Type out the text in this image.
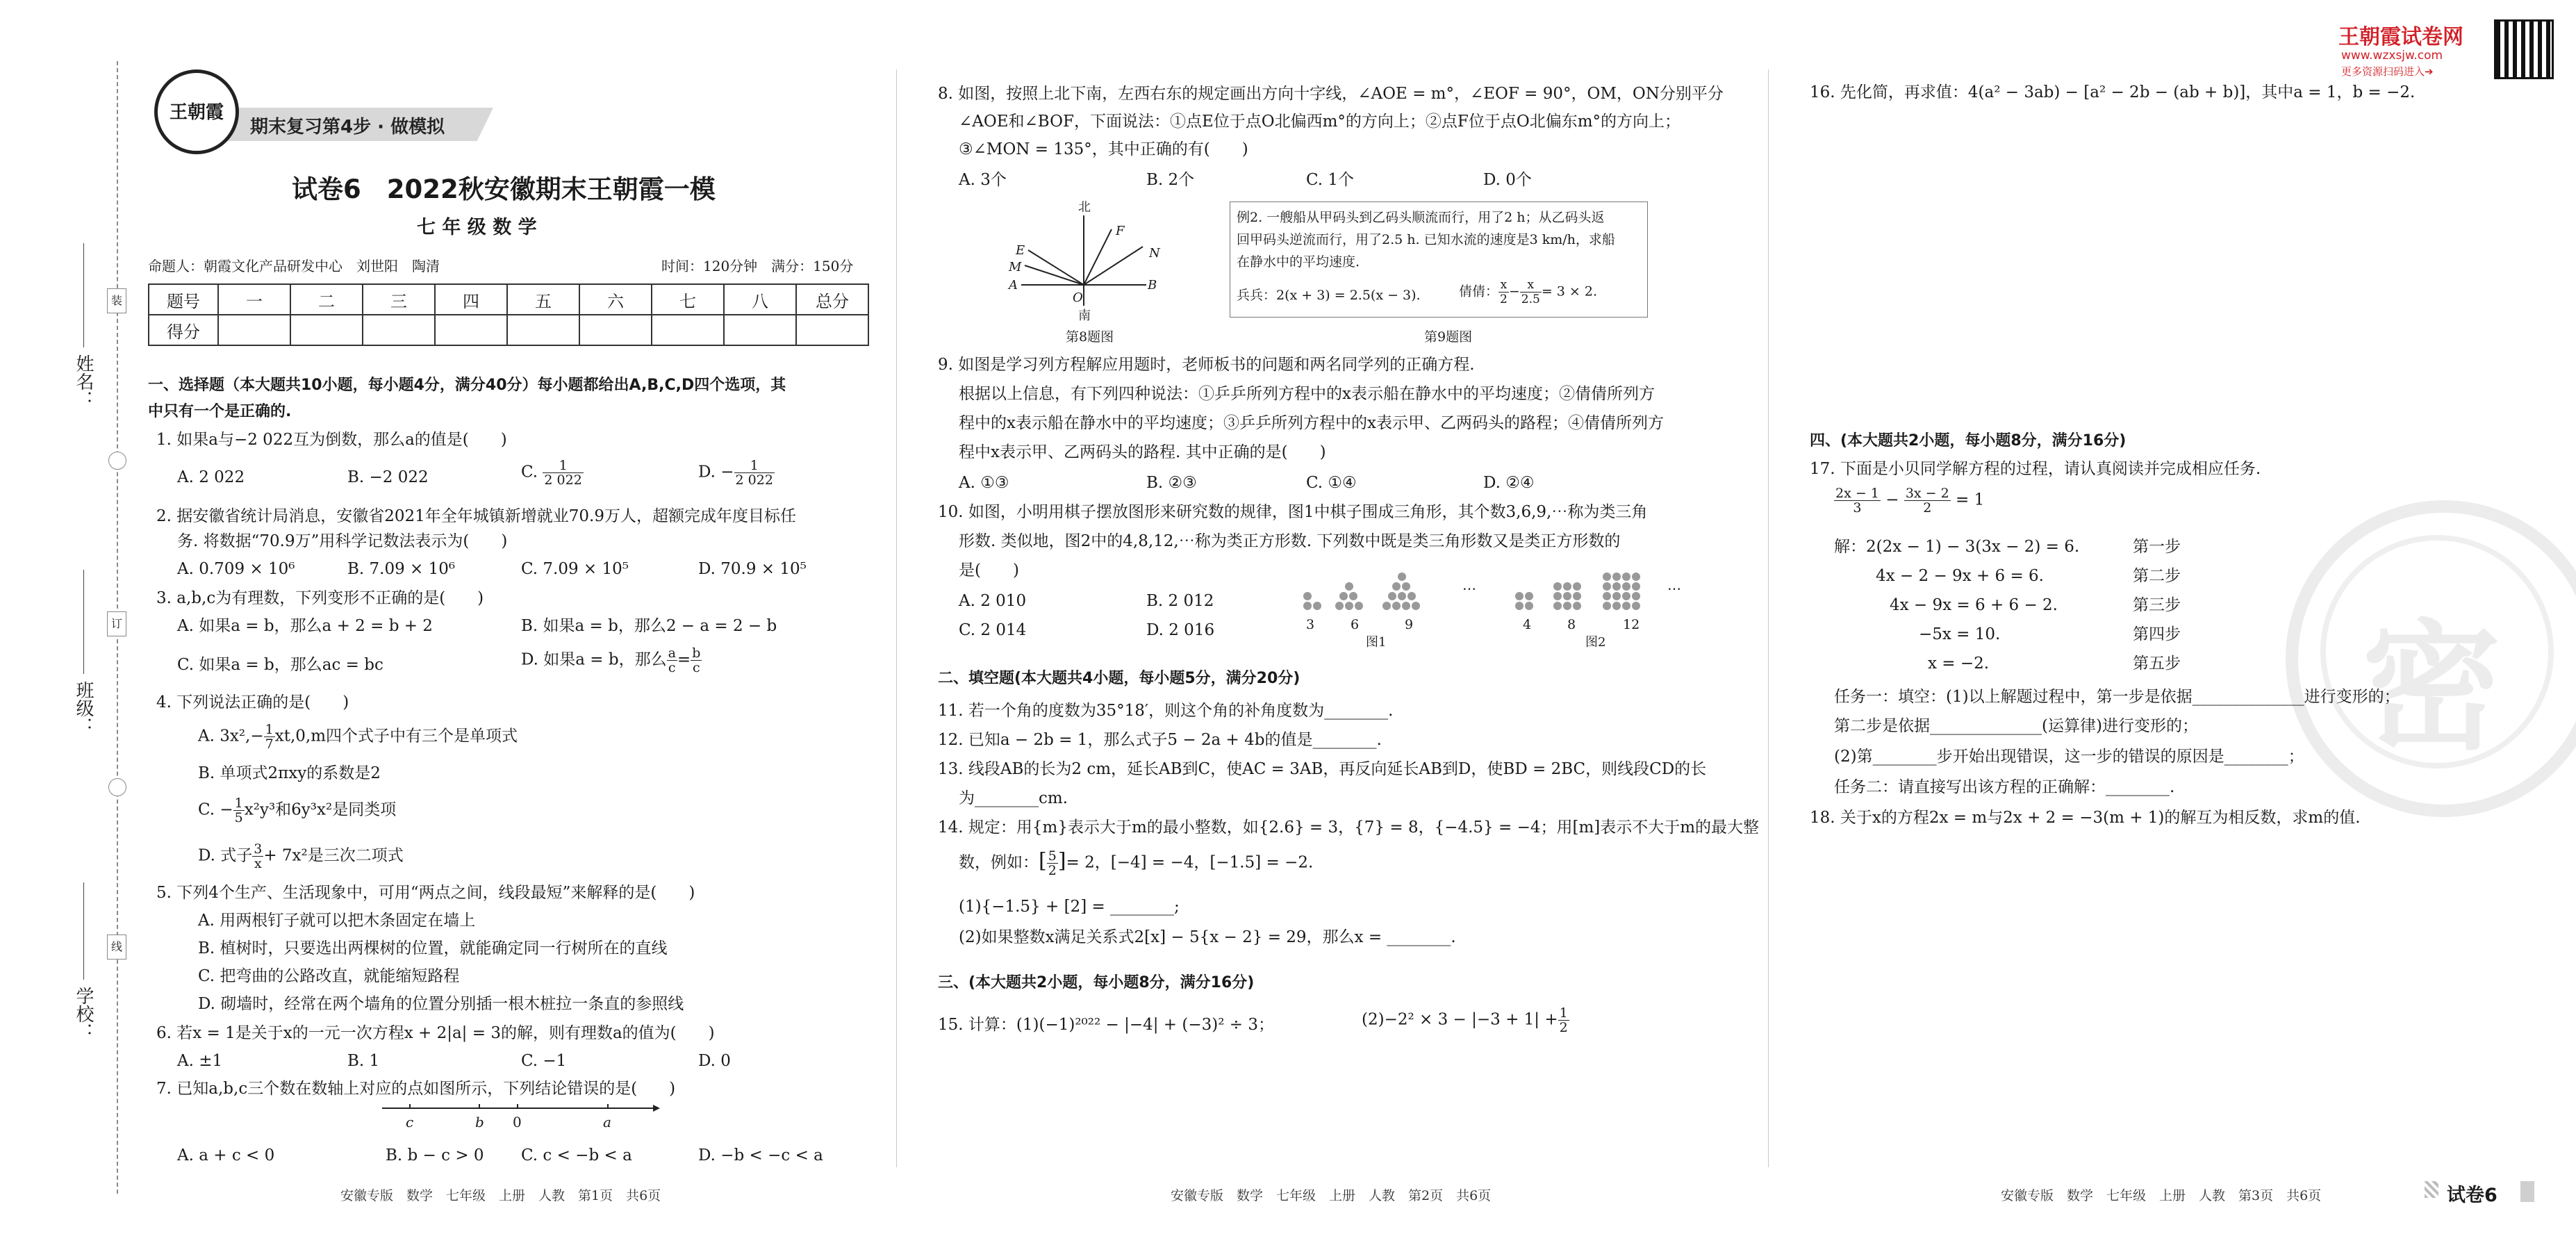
装
订
线
姓名：
班级：
学校：
王朝霞
期末复习第4步 · 做模拟
试卷6　2022秋安徽期末王朝霞一模
七 年 级 数 学
命题人：朝霞文化产品研发中心　刘世阳　陶清	时间：120分钟　满分：150分
题号	一	二	三	四	五	六	七	八	总分
得分									
一、选择题（本大题共10小题，每小题4分，满分40分）每小题都给出A,B,C,D四个选项，其
中只有一个是正确的.
1. 如果a与−2 022互为倒数，那么a的值是(　　)
A. 2 022	B. −2 022	C. $\frac{1}{2 022}$	D. − $\frac{1}{2 022}$
2. 据安徽省统计局消息，安徽省2021年全年城镇新增就业70.9万人，超额完成年度目标任
务. 将数据“70.9万”用科学记数法表示为(　　)
A. 0.709 × 10⁶	B. 7.09 × 10⁶	C. 7.09 × 10⁵	D. 70.9 × 10⁵
3. a,b,c为有理数，下列变形不正确的是(　　)
A. 如果a = b，那么a + 2 = b + 2	B. 如果a = b，那么2 − a = 2 − b
C. 如果a = b，那么ac = bc	D. 如果a = b，那么 $\frac{a}{c} = \frac{b}{c}$
4. 下列说法正确的是(　　)
A. $3x^2,- \frac{1}{7} xt,0,m$四个式子中有三个是单项式
B. 单项式2πxy的系数是2
C. − $\frac{1}{5} x^2y^3$和6y³x²是同类项
D. 式子 $\frac{3}{x} + 7x^2$是三次二项式
5. 下列4个生产、生活现象中，可用“两点之间，线段最短”来解释的是(　　)
A. 用两根钉子就可以把木条固定在墙上
B. 植树时，只要选出两棵树的位置，就能确定同一行树所在的直线
C. 把弯曲的公路改直，就能缩短路程
D. 砌墙时，经常在两个墙角的位置分别插一根木桩拉一条直的参照线
6. 若x = 1是关于x的一元一次方程x + 2|a| = 3的解，则有理数a的值为(　　)
A. ±1	B. 1	C. −1	D. 0
7. 已知a,b,c三个数在数轴上对应的点如图所示，下列结论错误的是(　　)
c	b 0	a
A. a + c < 0	B. b − c > 0 C. c < −b < a	D. −b < −c < a
安徽专版　数学　七年级　上册　人教　第1页　共6页
8. 如图，按照上北下南，左西右东的规定画出方向十字线，∠AOE = m°，∠EOF = 90°，OM，ON分别平分
∠AOE和∠BOF，下面说法：①点E位于点O北偏西m°的方向上；②点F位于点O北偏东m°的方向上；
③∠MON = 135°，其中正确的有(　　)
A. 3个	B. 2个	C. 1个	D. 0个
北
F
E	N
M
A
O
B
南
第8题图
例2. 一艘船从甲码头到乙码头顺流而行，用了2 h；从乙码头返
回甲码头逆流而行，用了2.5 h. 已知水流的速度是3 km/h，求船
在静水中的平均速度.
兵兵：2(x + 3) = 2.5(x − 3).	倩倩： $\frac{x}{2} - \frac{x}{2.5} = 3 \times 2$.
第9题图
9. 如图是学习列方程解应用题时，老师板书的问题和两名同学列的正确方程.
根据以上信息，有下列四种说法：①乒乒所列方程中的x表示船在静水中的平均速度；②倩倩所列方
程中的x表示船在静水中的平均速度；③乒乒所列方程中的x表示甲、乙两码头的路程；④倩倩所列方
程中x表示甲、乙两码头的路程. 其中正确的是(　　)
A. ①③	B. ②③	C. ①④	D. ②④
10. 如图，小明用棋子摆放图形来研究数的规律，图1中棋子围成三角形，其个数3,6,9,⋯称为类三角
形数. 类似地，图2中的4,8,12,⋯称为类正方形数. 下列数中既是类三角形数又是类正方形数的
是(　　)
A. 2 010	B. 2 012
C. 2 014	D. 2 016
⋯
3	6	9
图1
⋯
4	8	12
图2
二、填空题(本大题共4小题，每小题5分，满分20分)
11. 若一个角的度数为35°18′，则这个角的补角度数为________.
12. 已知a − 2b = 1，那么式子5 − 2a + 4b的值是________.
13. 线段AB的长为2 cm，延长AB到C，使AC = 3AB，再反向延长AB到D，使BD = 2BC，则线段CD的长
为________cm.
14. 规定：用{m}表示大于m的最小整数，如{2.6} = 3，{7} = 8，{−4.5} = −4；用[m]表示不大于m的最大整
数，例如：[ $\frac{5}{2}$ ]= 2，[−4] = −4，[−1.5] = −2.
(1){−1.5} + [2] = ________;
(2)如果整数x满足关系式2[x] − 5{x − 2} = 29，那么x = ________.
三、(本大题共2小题，每小题8分，满分16分)
15. 计算：(1)(−1)²⁰²² − |−4| + (−3)² ÷ 3；	$(2)-2^2 \times 3 - |-3 + 1| + \frac{1}{2}$
安徽专版　数学　七年级　上册　人教　第2页　共6页
王朝霞试卷网
www.wzxsjw.com
更多资源扫码进入➔
密
16. 先化简，再求值：4(a² − 3ab) − [a² − 2b − (ab + b)]，其中a = 1，b = −2.
四、(本大题共2小题，每小题8分，满分16分)
17. 下面是小贝同学解方程的过程，请认真阅读并完成相应任务.
$\frac{2x - 1}{3} - \frac{3x - 2}{2} = 1$
解：2(2x − 1) − 3(3x − 2) = 6.	第一步
4x − 2 − 9x + 6 = 6.	第二步
4x − 9x = 6 + 6 − 2.	第三步
−5x = 10.	第四步
x = −2.	第五步
任务一：填空：(1)以上解题过程中，第一步是依据______________进行变形的；
第二步是依据______________(运算律)进行变形的；
(2)第________步开始出现错误，这一步的错误的原因是________；
任务二：请直接写出该方程的正确解：________.
18. 关于x的方程2x = m与2x + 2 = −3(m + 1)的解互为相反数，求m的值.
安徽专版　数学　七年级　上册　人教　第3页　共6页	试卷6
